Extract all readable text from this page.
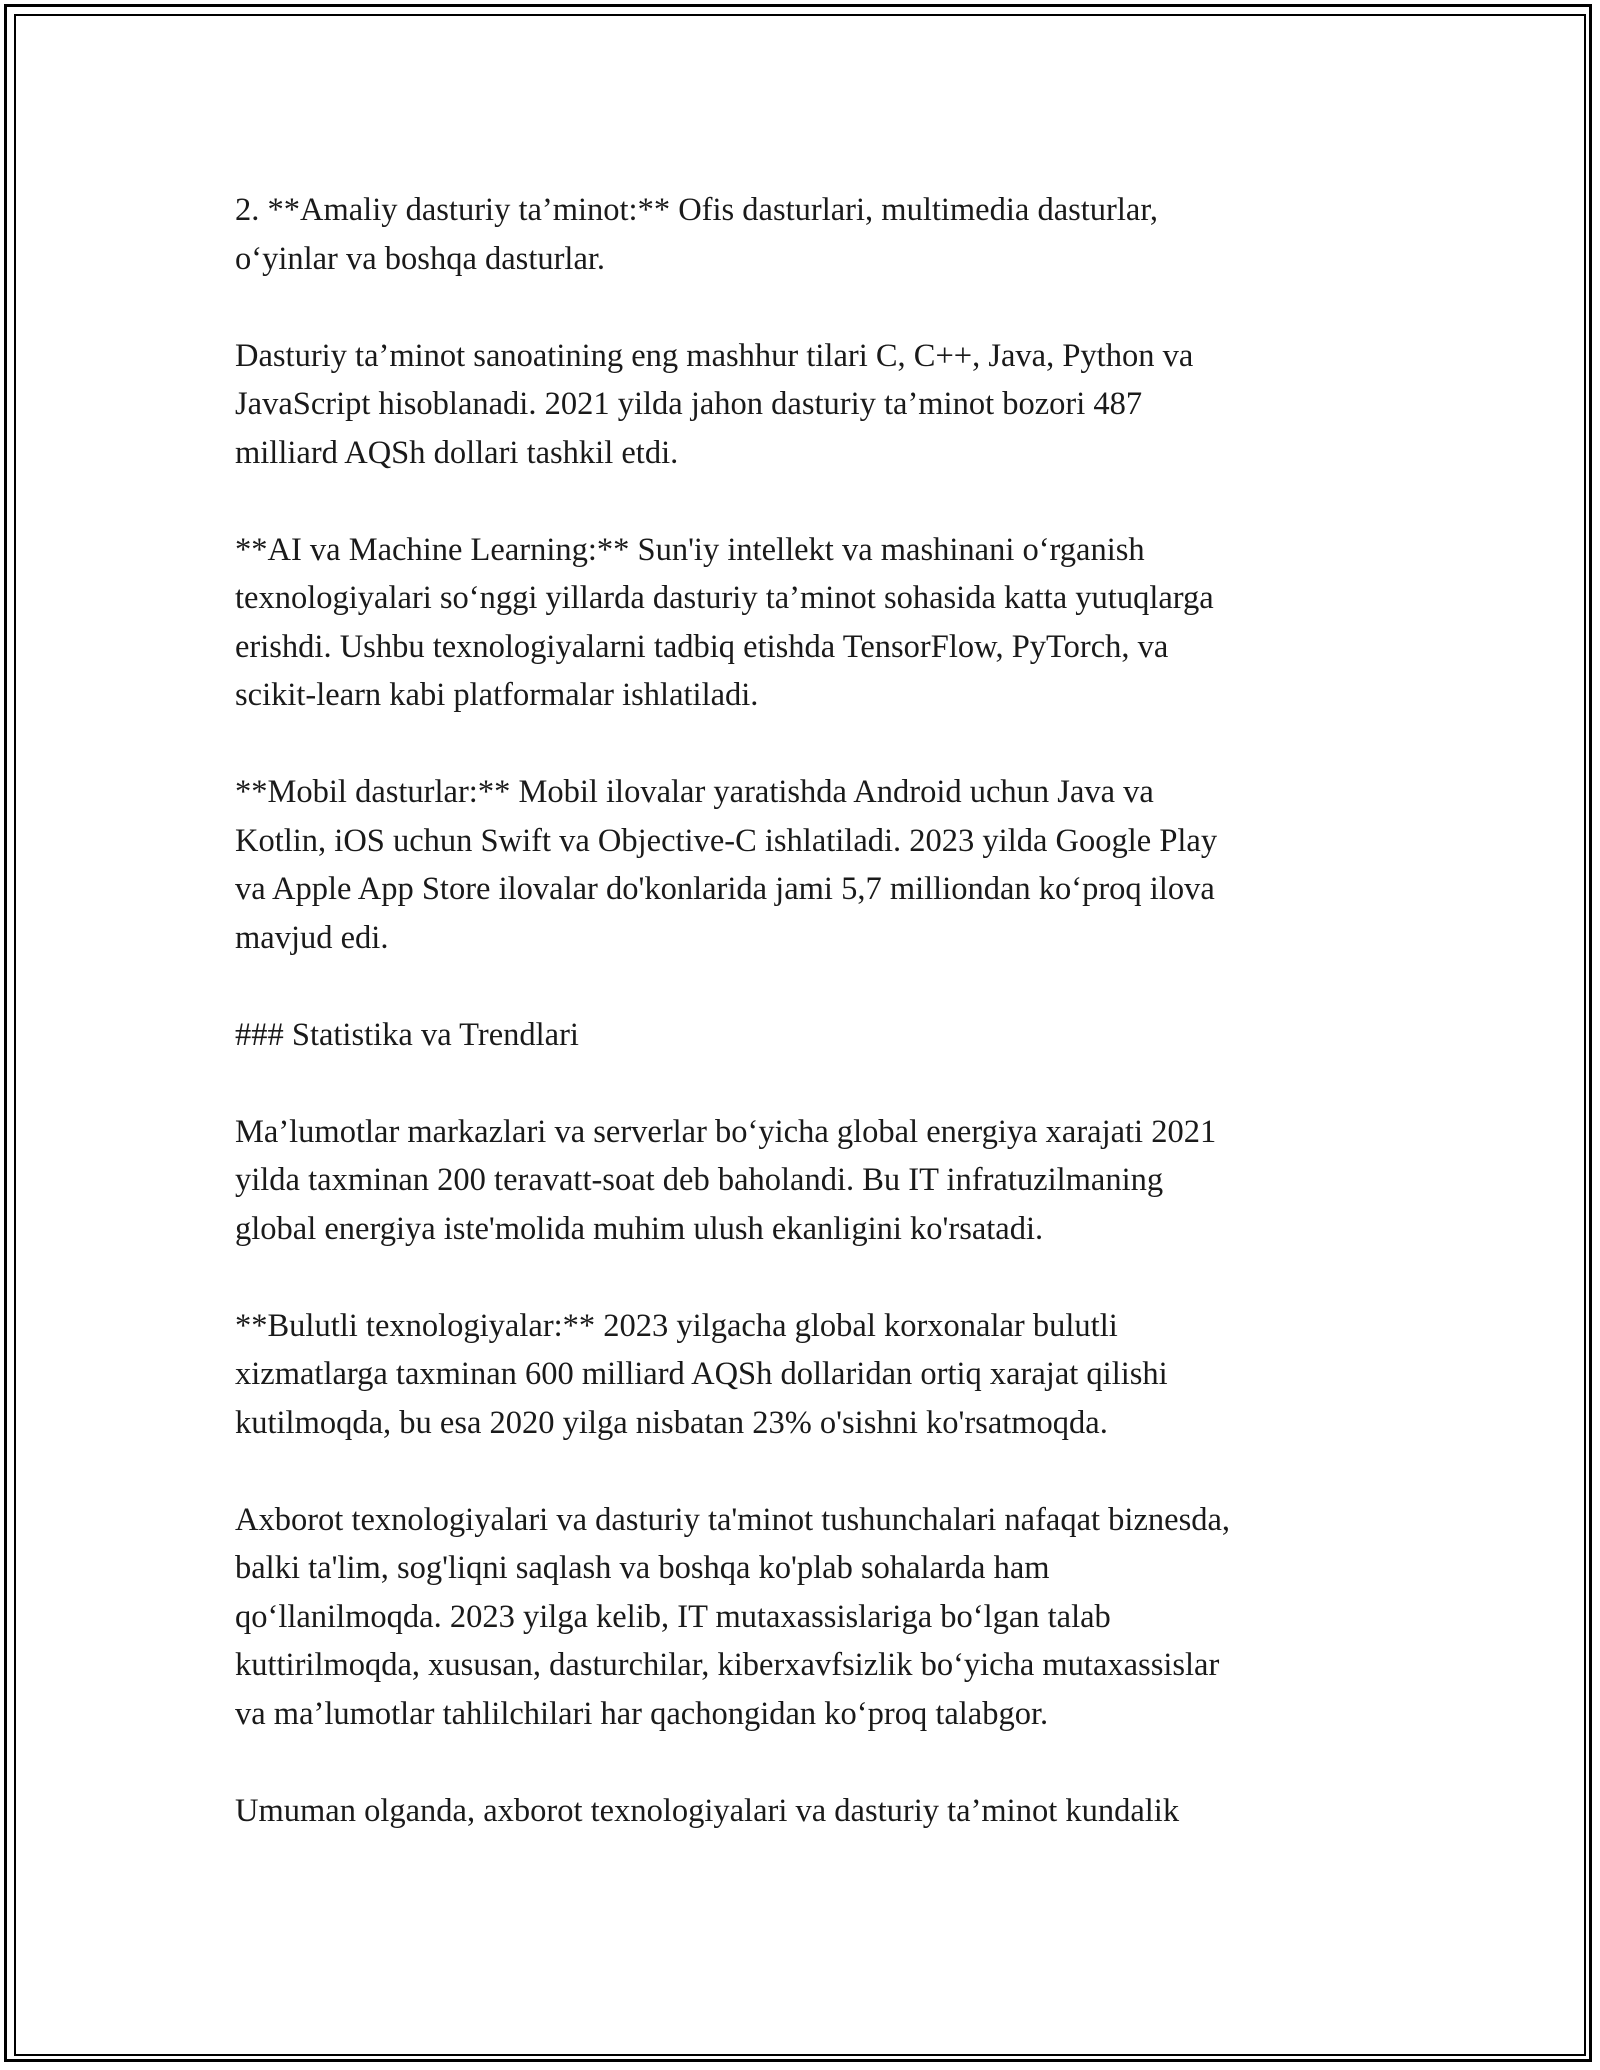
2. **Amaliy dasturiy ta’minot:** Ofis dasturlari, multimedia dasturlar,
o‘yinlar va boshqa dasturlar.
Dasturiy ta’minot sanoatining eng mashhur tilari C, C++, Java, Python va
JavaScript hisoblanadi. 2021 yilda jahon dasturiy ta’minot bozori 487
milliard AQSh dollari tashkil etdi.
**AI va Machine Learning:** Sun'iy intellekt va mashinani o‘rganish
texnologiyalari so‘nggi yillarda dasturiy ta’minot sohasida katta yutuqlarga
erishdi. Ushbu texnologiyalarni tadbiq etishda TensorFlow, PyTorch, va
scikit-learn kabi platformalar ishlatiladi.
**Mobil dasturlar:** Mobil ilovalar yaratishda Android uchun Java va
Kotlin, iOS uchun Swift va Objective-C ishlatiladi. 2023 yilda Google Play
va Apple App Store ilovalar do'konlarida jami 5,7 milliondan ko‘proq ilova
mavjud edi.
### Statistika va Trendlari
Ma’lumotlar markazlari va serverlar bo‘yicha global energiya xarajati 2021
yilda taxminan 200 teravatt-soat deb baholandi. Bu IT infratuzilmaning
global energiya iste'molida muhim ulush ekanligini ko'rsatadi.
**Bulutli texnologiyalar:** 2023 yilgacha global korxonalar bulutli
xizmatlarga taxminan 600 milliard AQSh dollaridan ortiq xarajat qilishi
kutilmoqda, bu esa 2020 yilga nisbatan 23% o'sishni ko'rsatmoqda.
Axborot texnologiyalari va dasturiy ta'minot tushunchalari nafaqat biznesda,
balki ta'lim, sog'liqni saqlash va boshqa ko'plab sohalarda ham
qo‘llanilmoqda. 2023 yilga kelib, IT mutaxassislariga bo‘lgan talab
kuttirilmoqda, xususan, dasturchilar, kiberxavfsizlik bo‘yicha mutaxassislar
va ma’lumotlar tahlilchilari har qachongidan ko‘proq talabgor.
Umuman olganda, axborot texnologiyalari va dasturiy ta’minot kundalik
